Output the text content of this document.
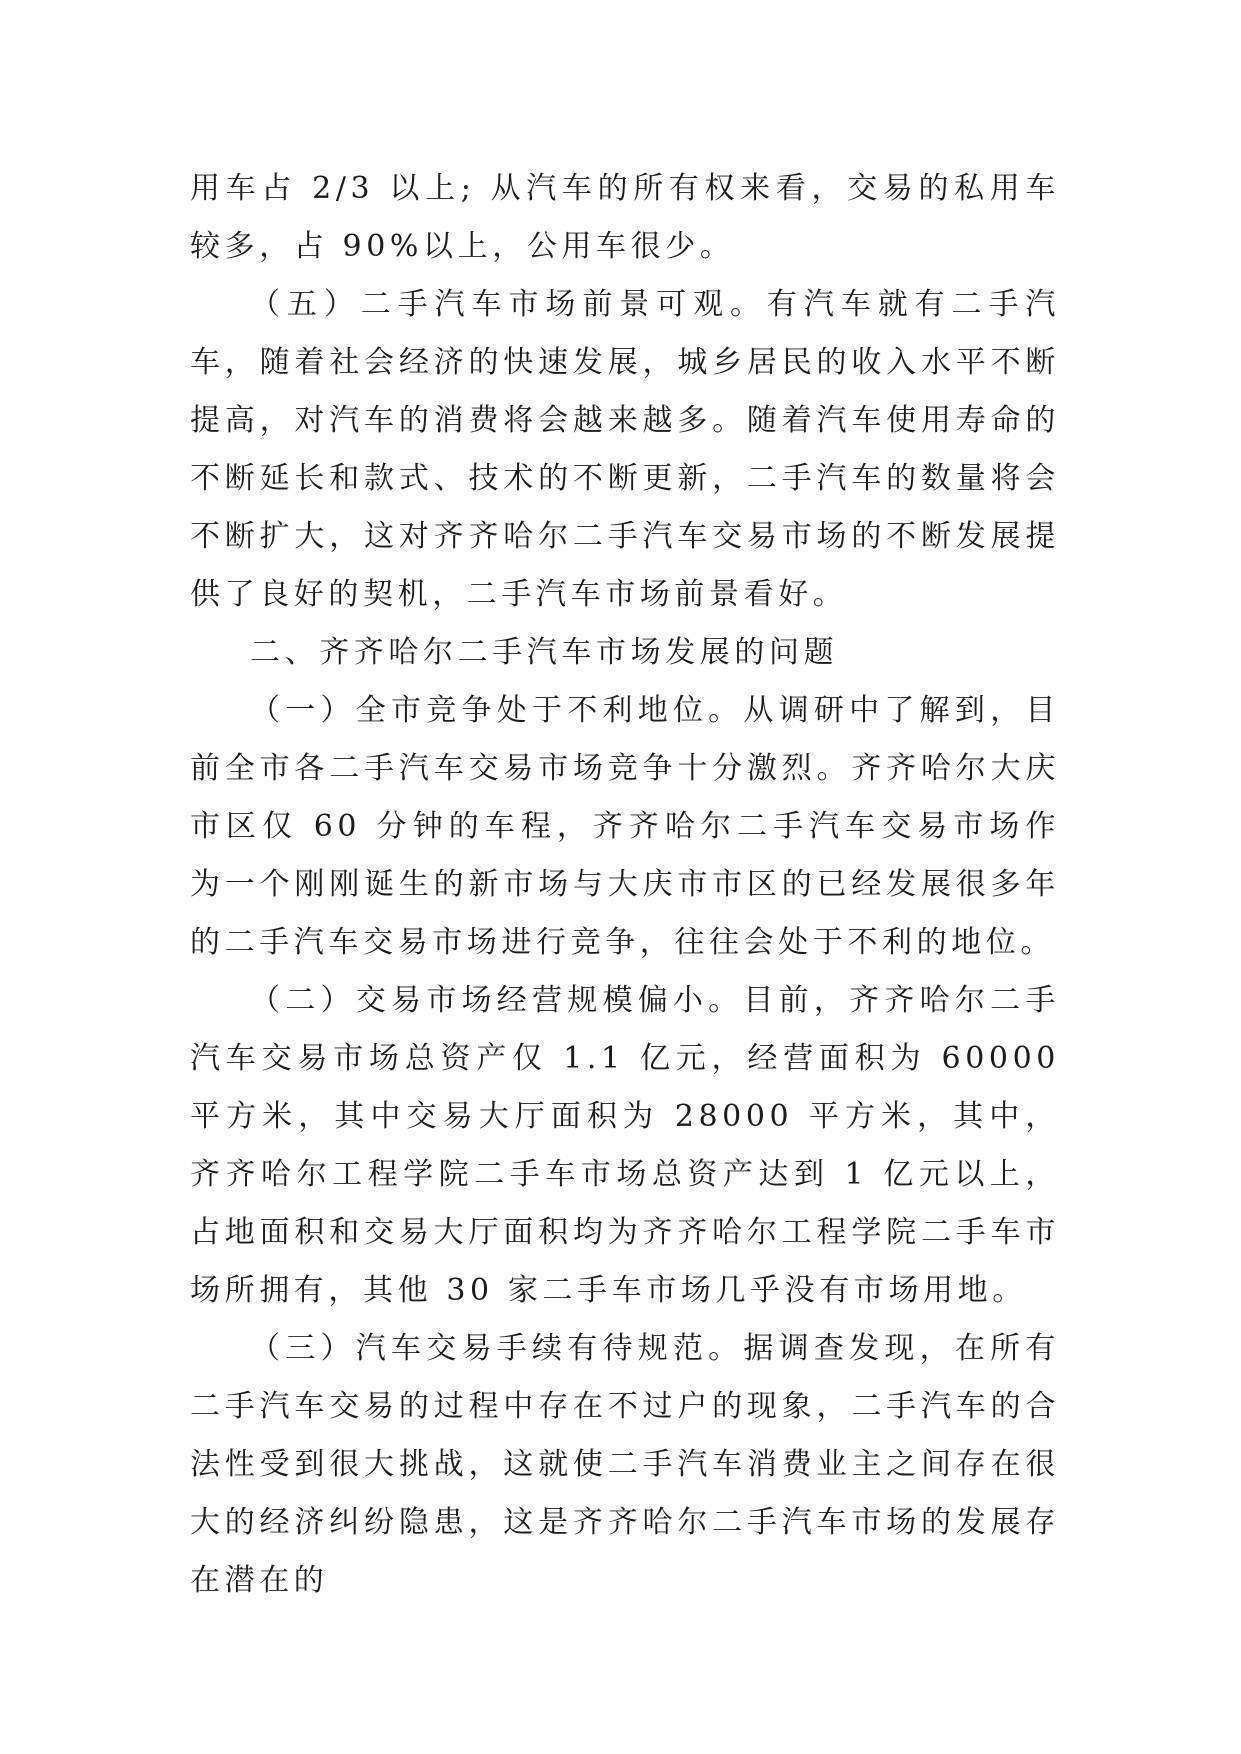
用车占 2/3 以上; 从汽车的所有权来看，交易的私用车较多，占 90%以上，公用车很少。

（五）二手汽车市场前景可观。有汽车就有二手汽车，随着社会经济的快速发展，城乡居民的收入水平不断提高，对汽车的消费将会越来越多。随着汽车使用寿命的不断延长和款式、技术的不断更新，二手汽车的数量将会不断扩大，这对齐齐哈尔二手汽车交易市场的不断发展提供了良好的契机，二手汽车市场前景看好。

二、齐齐哈尔二手汽车市场发展的问题

（一）全市竞争处于不利地位。从调研中了解到，目前全市各二手汽车交易市场竞争十分激烈。齐齐哈尔大庆市区仅 60 分钟的车程，齐齐哈尔二手汽车交易市场作为一个刚刚诞生的新市场与大庆市市区的已经发展很多年的二手汽车交易市场进行竞争，往往会处于不利的地位。

（二）交易市场经营规模偏小。目前，齐齐哈尔二手汽车交易市场总资产仅 1.1 亿元，经营面积为 60000 平方米，其中交易大厅面积为 28000 平方米，其中，齐齐哈尔工程学院二手车市场总资产达到 1 亿元以上，占地面积和交易大厅面积均为齐齐哈尔工程学院二手车市场所拥有，其他 30 家二手车市场几乎没有市场用地。

（三）汽车交易手续有待规范。据调查发现，在所有二手汽车交易的过程中存在不过户的现象，二手汽车的合法性受到很大挑战，这就使二手汽车消费业主之间存在很大的经济纠纷隐患，这是齐齐哈尔二手汽车市场的发展存在潜在的
